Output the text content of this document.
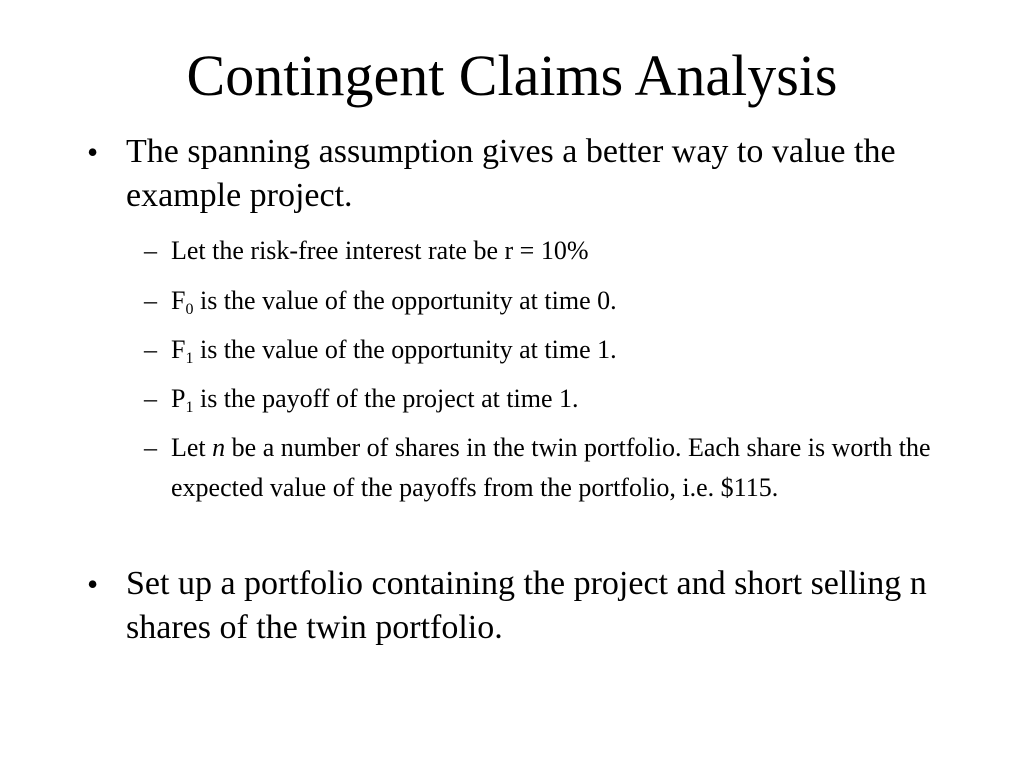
Contingent Claims Analysis
• The spanning assumption gives a better way to value the example project.
– Let the risk-free interest rate be r = 10%
– $F_0$ is the value of the opportunity at time 0.
– $F_1$ is the value of the opportunity at time 1.
– $P_1$ is the payoff of the project at time 1.
– Let n be a number of shares in the twin portfolio. Each share is worth the expected value of the payoffs from the portfolio, i.e. $115.
• Set up a portfolio containing the project and short selling n shares of the twin portfolio.
